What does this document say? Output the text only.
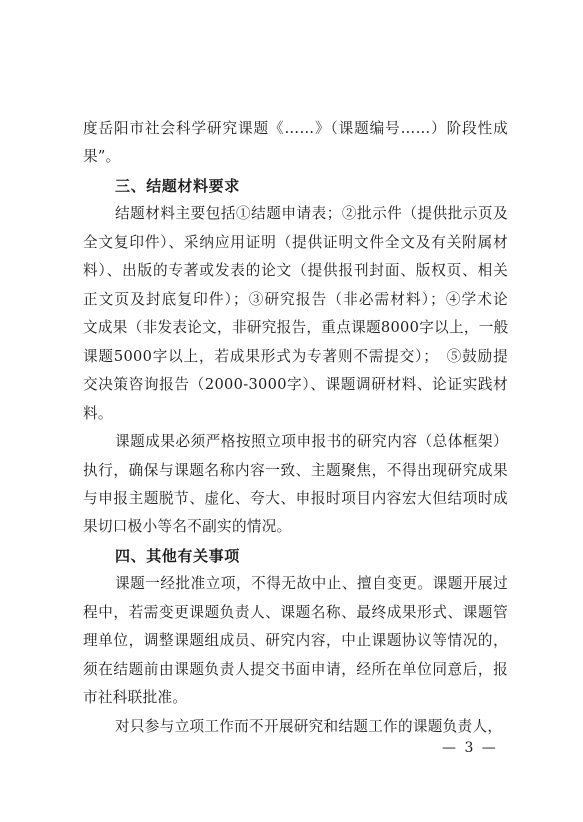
度岳阳市社会科学研究课题《……》（课题编号……）阶段性成
果”。
三、结题材料要求
结题材料主要包括①结题申请表；②批示件（提供批示页及
全文复印件）、采纳应用证明（提供证明文件全文及有关附属材
料）、出版的专著或发表的论文（提供报刊封面、版权页、相关
正文页及封底复印件）；③研究报告（非必需材料）；④学术论
文成果（非发表论文，非研究报告，重点课题8000字以上，一般
课题5000字以上，若成果形式为专著则不需提交）；　⑤鼓励提
交决策咨询报告（2000-3000字）、课题调研材料、论证实践材
料。
课题成果必须严格按照立项申报书的研究内容（总体框架）
执行，确保与课题名称内容一致、主题聚焦，不得出现研究成果
与申报主题脱节、虚化、夸大、申报时项目内容宏大但结项时成
果切口极小等名不副实的情况。
四、其他有关事项
课题一经批准立项，不得无故中止、擅自变更。课题开展过
程中，若需变更课题负责人、课题名称、最终成果形式、课题管
理单位，调整课题组成员、研究内容，中止课题协议等情况的，
须在结题前由课题负责人提交书面申请，经所在单位同意后，报
市社科联批准。
对只参与立项工作而不开展研究和结题工作的课题负责人，
— 3 —
